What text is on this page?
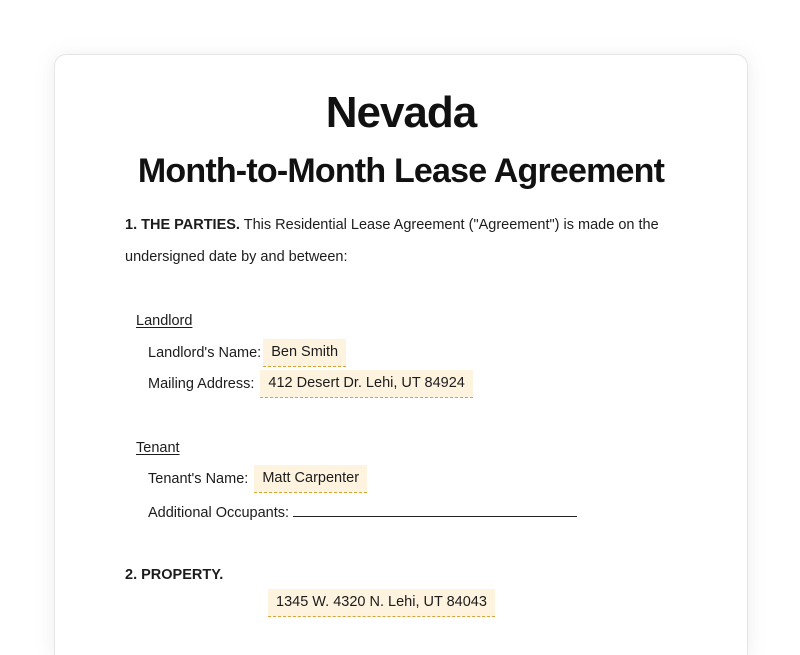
Nevada
Month-to-Month Lease Agreement
1. THE PARTIES. This Residential Lease Agreement ("Agreement") is made on the
undersigned date by and between:
Landlord
Landlord's Name: Ben Smith
Mailing Address: 412 Desert Dr. Lehi, UT 84924
Tenant
Tenant's Name: Matt Carpenter
Additional Occupants:
2. PROPERTY.
1345 W. 4320 N. Lehi, UT 84043
